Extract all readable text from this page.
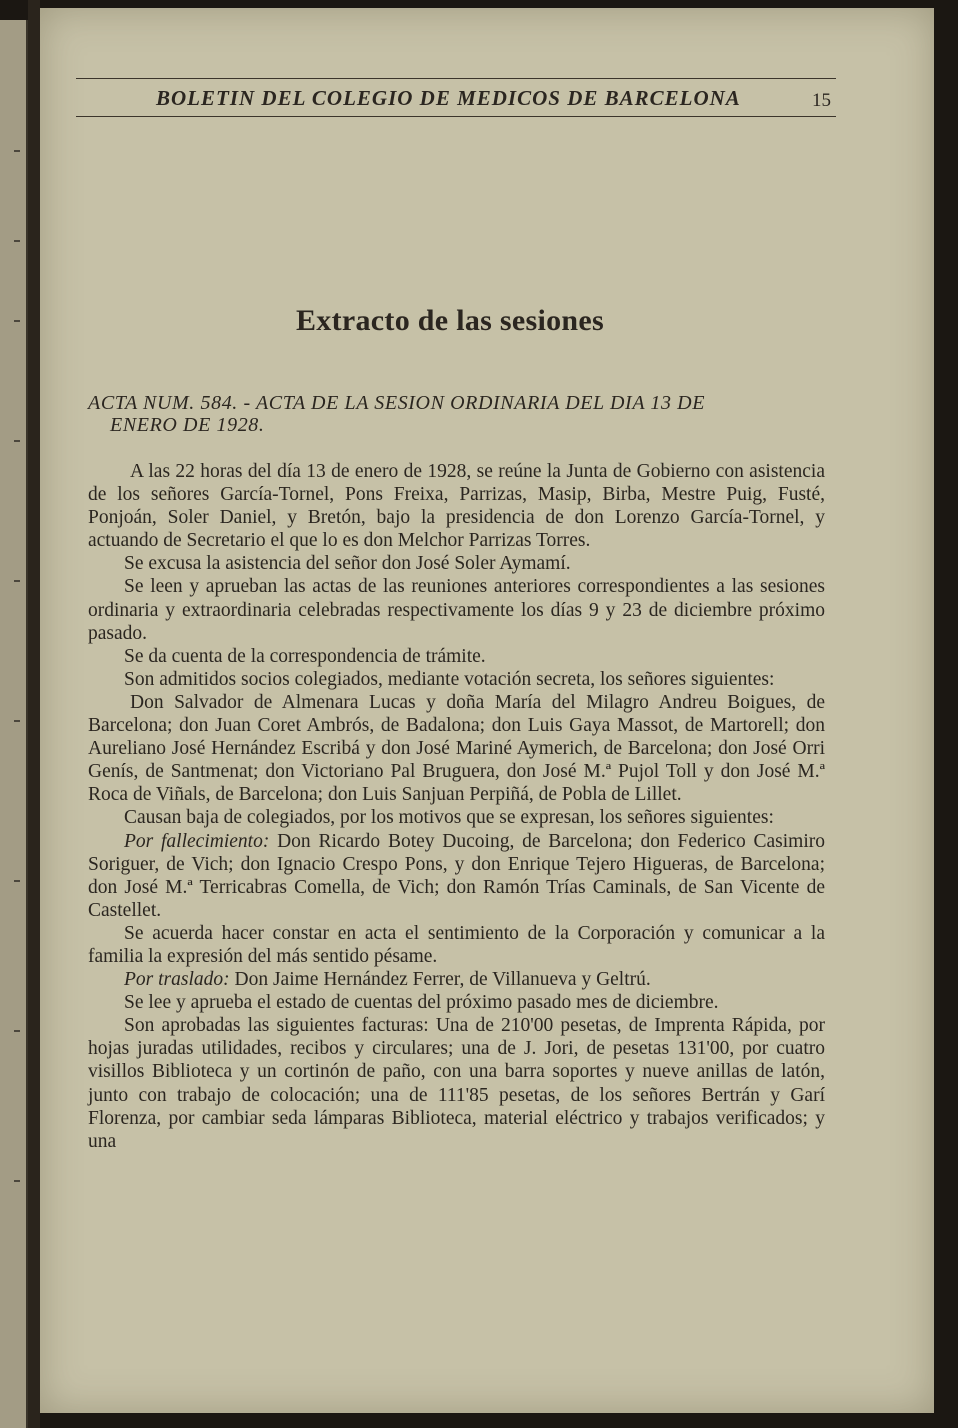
BOLETIN DEL COLEGIO DE MEDICOS DE BARCELONA	15
Extracto de las sesiones
ACTA NUM. 584. - ACTA DE LA SESION ORDINARIA DEL DIA 13 DE
ENERO DE 1928.

A las 22 horas del día 13 de enero de 1928, se reúne la Junta de Gobierno con asistencia de los señores García-Tornel, Pons Freixa, Parrizas, Masip, Birba, Mestre Puig, Fusté, Ponjoán, Soler Daniel, y Bretón, bajo la presidencia de don Lorenzo García-Tornel, y actuando de Secretario el que lo es don Melchor Parrizas Torres.

Se excusa la asistencia del señor don José Soler Aymamí.

Se leen y aprueban las actas de las reuniones anteriores correspondientes a las sesiones ordinaria y extraordinaria celebradas respectivamente los días 9 y 23 de diciembre próximo pasado.

Se da cuenta de la correspondencia de trámite.

Son admitidos socios colegiados, mediante votación secreta, los señores siguientes:

Don Salvador de Almenara Lucas y doña María del Milagro Andreu Boigues, de Barcelona; don Juan Coret Ambrós, de Badalona; don Luis Gaya Massot, de Martorell; don Aureliano José Hernández Escribá y don José Mariné Aymerich, de Barcelona; don José Orri Genís, de Santmenat; don Victoriano Pal Bruguera, don José M.ª Pujol Toll y don José M.ª Roca de Viñals, de Barcelona; don Luis Sanjuan Perpiñá, de Pobla de Lillet.

Causan baja de colegiados, por los motivos que se expresan, los señores siguientes:

Por fallecimiento: Don Ricardo Botey Ducoing, de Barcelona; don Federico Casimiro Soriguer, de Vich; don Ignacio Crespo Pons, y don Enrique Tejero Higueras, de Barcelona; don José M.ª Terricabras Comella, de Vich; don Ramón Trías Caminals, de San Vicente de Castellet.

Se acuerda hacer constar en acta el sentimiento de la Corporación y comunicar a la familia la expresión del más sentido pésame.

Por traslado: Don Jaime Hernández Ferrer, de Villanueva y Geltrú.

Se lee y aprueba el estado de cuentas del próximo pasado mes de diciembre.

Son aprobadas las siguientes facturas: Una de 210'00 pesetas, de Imprenta Rápida, por hojas juradas utilidades, recibos y circulares; una de J. Jori, de pesetas 131'00, por cuatro visillos Biblioteca y un cortinón de paño, con una barra soportes y nueve anillas de latón, junto con trabajo de colocación; una de 111'85 pesetas, de los señores Bertrán y Garí Florenza, por cambiar seda lámparas Biblioteca, material eléctrico y trabajos verificados; y una
